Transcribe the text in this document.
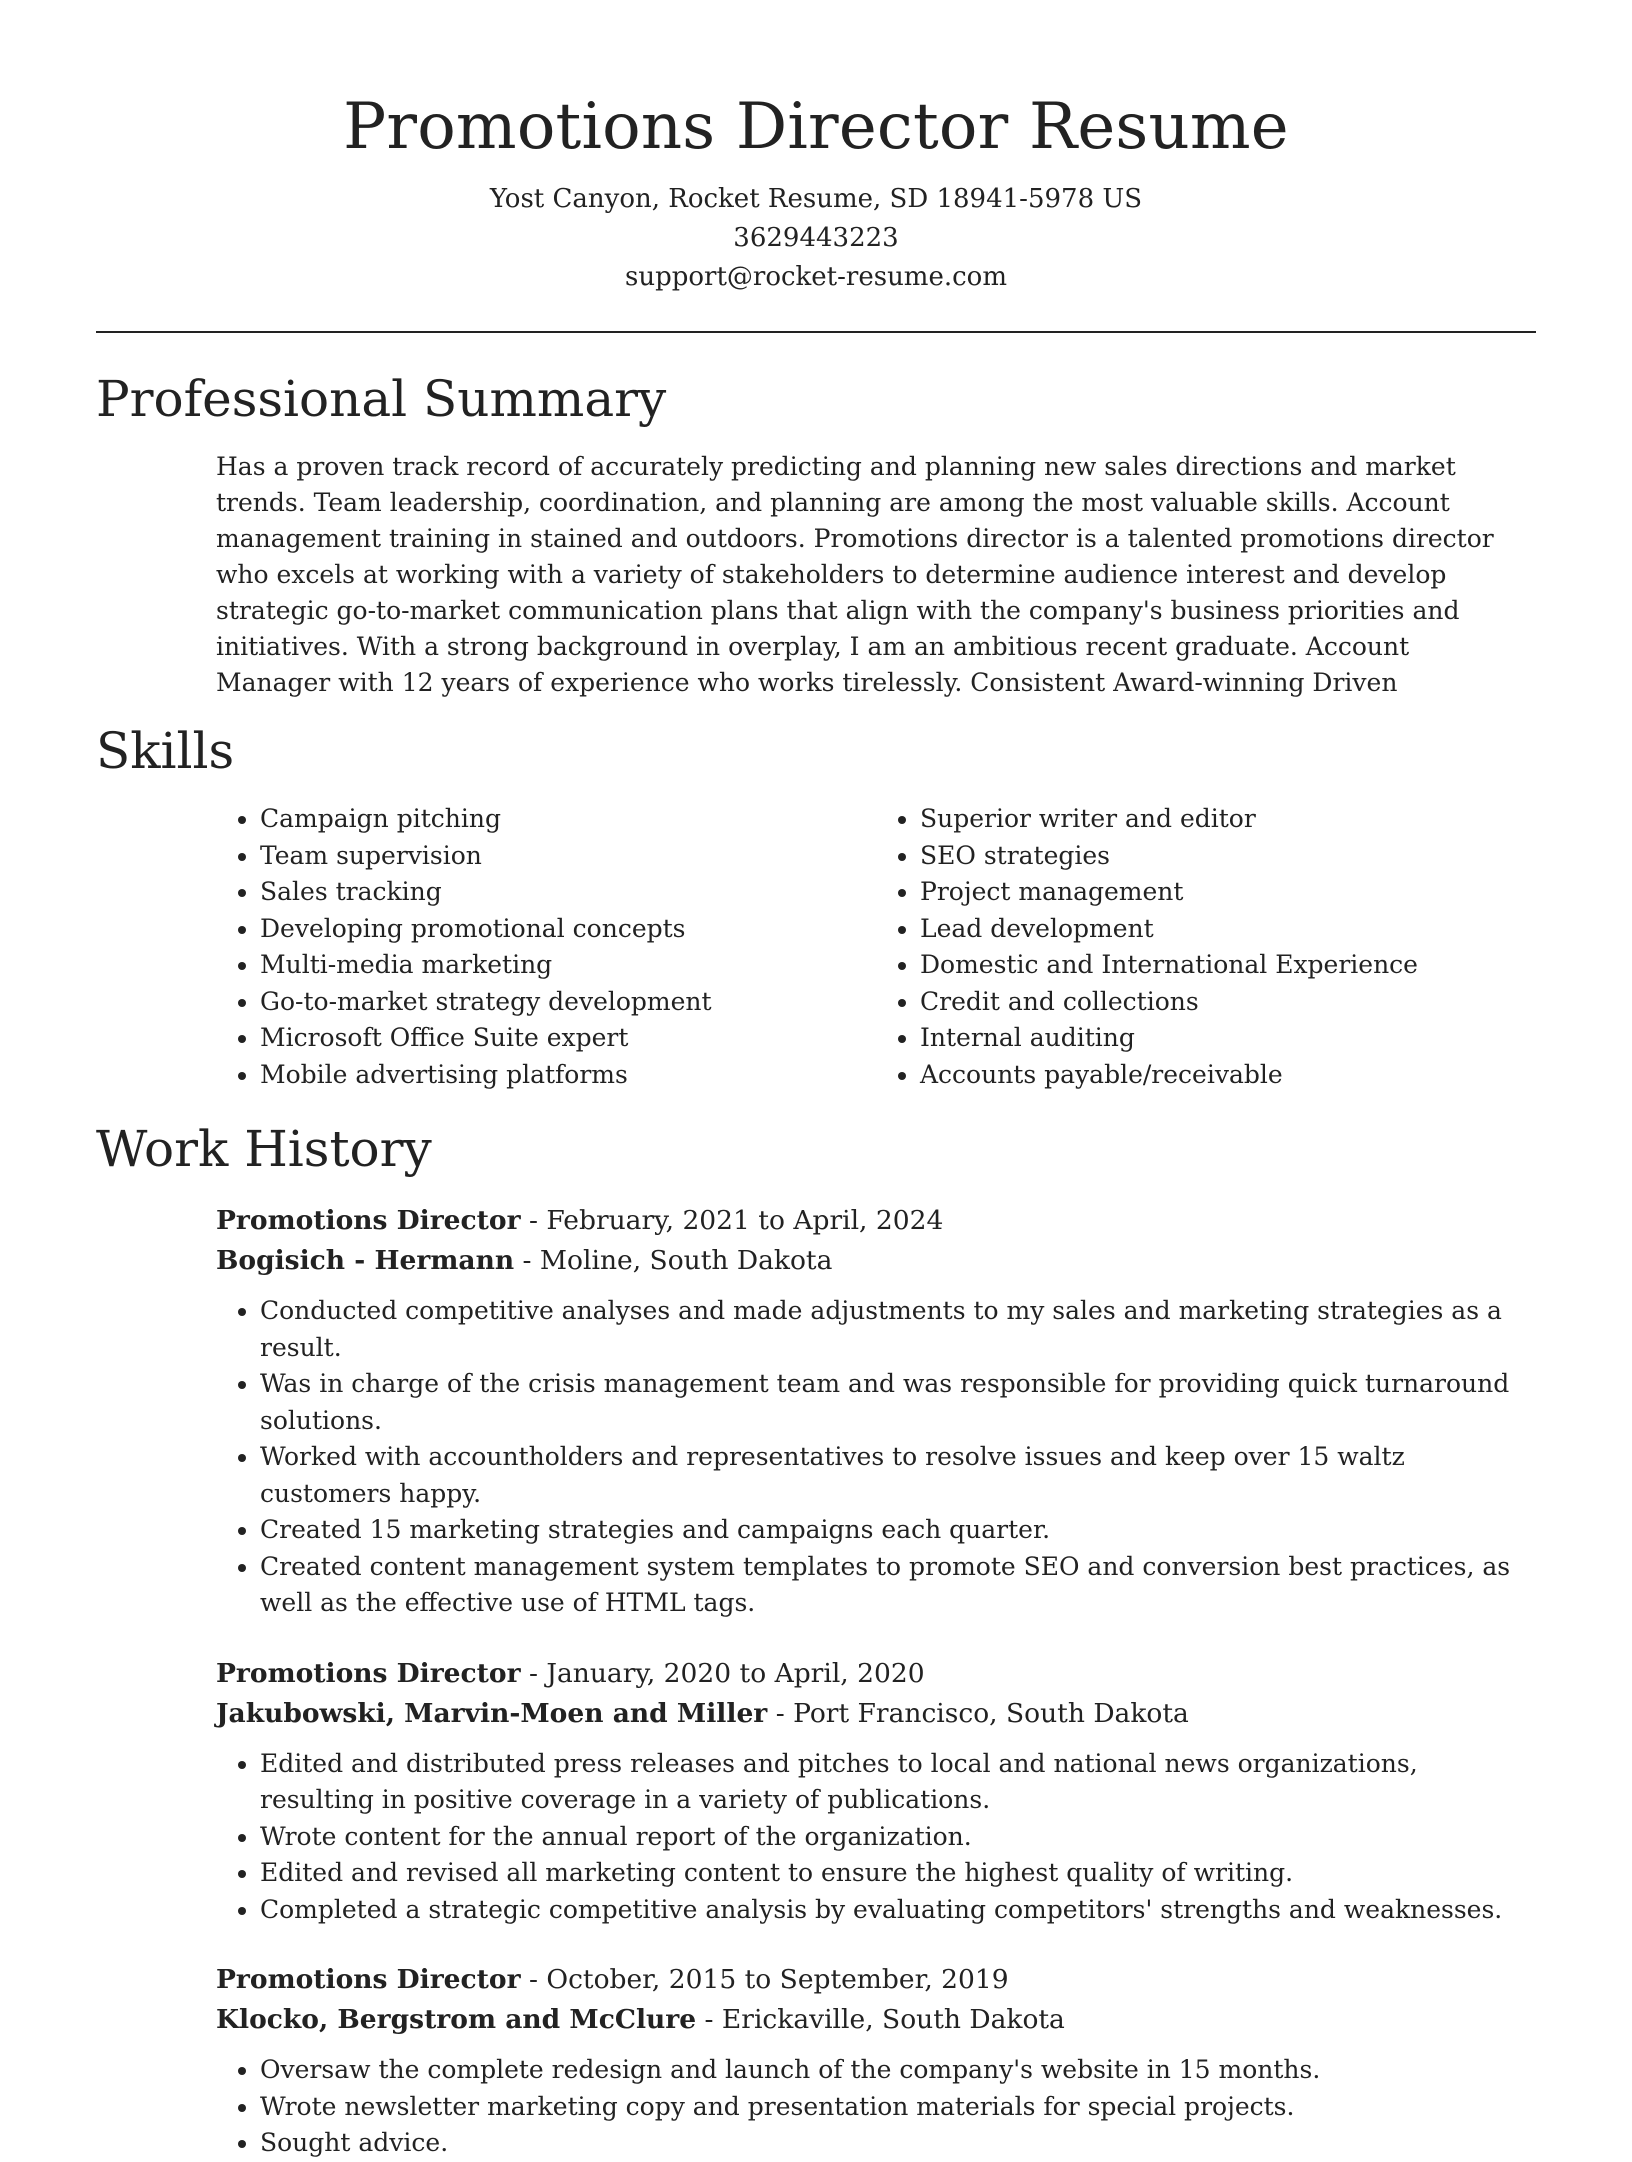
Promotions Director Resume
Yost Canyon, Rocket Resume, SD 18941-5978 US
3629443223
support@rocket-resume.com
Professional Summary

Has a proven track record of accurately predicting and planning new sales directions and market trends. Team leadership, coordination, and planning are among the most valuable skills. Account management training in stained and outdoors. Promotions director is a talented promotions director who excels at working with a variety of stakeholders to determine audience interest and develop strategic go-to-market communication plans that align with the company's business priorities and initiatives. With a strong background in overplay, I am an ambitious recent graduate. Account Manager with 12 years of experience who works tirelessly. Consistent Award-winning Driven

Skills
• Campaign pitching
• Team supervision
• Sales tracking
• Developing promotional concepts
• Multi-media marketing
• Go-to-market strategy development
• Microsoft Office Suite expert
• Mobile advertising platforms
• Superior writer and editor
• SEO strategies
• Project management
• Lead development
• Domestic and International Experience
• Credit and collections
• Internal auditing
• Accounts payable/receivable
Work History
Promotions Director - February, 2021 to April, 2024
Bogisich - Hermann - Moline, South Dakota
• Conducted competitive analyses and made adjustments to my sales and marketing strategies as a result.
• Was in charge of the crisis management team and was responsible for providing quick turnaround solutions.
• Worked with accountholders and representatives to resolve issues and keep over 15 waltz customers happy.
• Created 15 marketing strategies and campaigns each quarter.
• Created content management system templates to promote SEO and conversion best practices, as well as the effective use of HTML tags.
Promotions Director - January, 2020 to April, 2020
Jakubowski, Marvin-Moen and Miller - Port Francisco, South Dakota
• Edited and distributed press releases and pitches to local and national news organizations, resulting in positive coverage in a variety of publications.
• Wrote content for the annual report of the organization.
• Edited and revised all marketing content to ensure the highest quality of writing.
• Completed a strategic competitive analysis by evaluating competitors' strengths and weaknesses.
Promotions Director - October, 2015 to September, 2019
Klocko, Bergstrom and McClure - Erickaville, South Dakota
• Oversaw the complete redesign and launch of the company's website in 15 months.
• Wrote newsletter marketing copy and presentation materials for special projects.
• Sought advice.
